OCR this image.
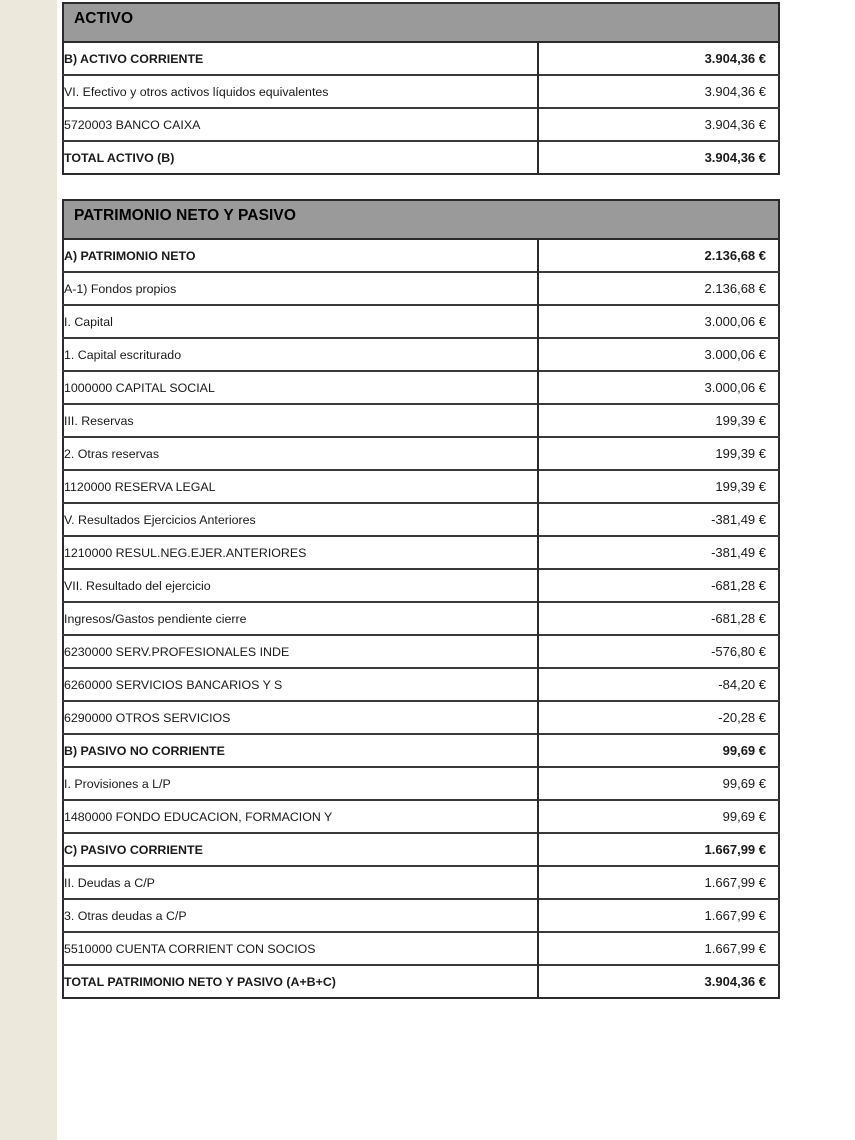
ACTIVO	
B) ACTIVO CORRIENTE	3.904,36 €
VI. Efectivo y otros activos líquidos equivalentes	3.904,36 €
5720003 BANCO CAIXA	3.904,36 €
TOTAL ACTIVO (B)	3.904,36 €
PATRIMONIO NETO Y PASIVO	
A) PATRIMONIO NETO	2.136,68 €
A-1) Fondos propios	2.136,68 €
I. Capital	3.000,06 €
1. Capital escriturado	3.000,06 €
1000000 CAPITAL SOCIAL	3.000,06 €
III. Reservas	199,39 €
2. Otras reservas	199,39 €
1120000 RESERVA LEGAL	199,39 €
V. Resultados Ejercicios Anteriores	-381,49 €
1210000 RESUL.NEG.EJER.ANTERIORES	-381,49 €
VII. Resultado del ejercicio	-681,28 €
Ingresos/Gastos pendiente cierre	-681,28 €
6230000 SERV.PROFESIONALES INDE	-576,80 €
6260000 SERVICIOS BANCARIOS Y S	-84,20 €
6290000 OTROS SERVICIOS	-20,28 €
B) PASIVO NO CORRIENTE	99,69 €
I. Provisiones a L/P	99,69 €
1480000 FONDO EDUCACION, FORMACION Y	99,69 €
C) PASIVO CORRIENTE	1.667,99 €
II. Deudas a C/P	1.667,99 €
3. Otras deudas a C/P	1.667,99 €
5510000 CUENTA CORRIENT CON SOCIOS	1.667,99 €
TOTAL PATRIMONIO NETO Y PASIVO (A+B+C)	3.904,36 €
